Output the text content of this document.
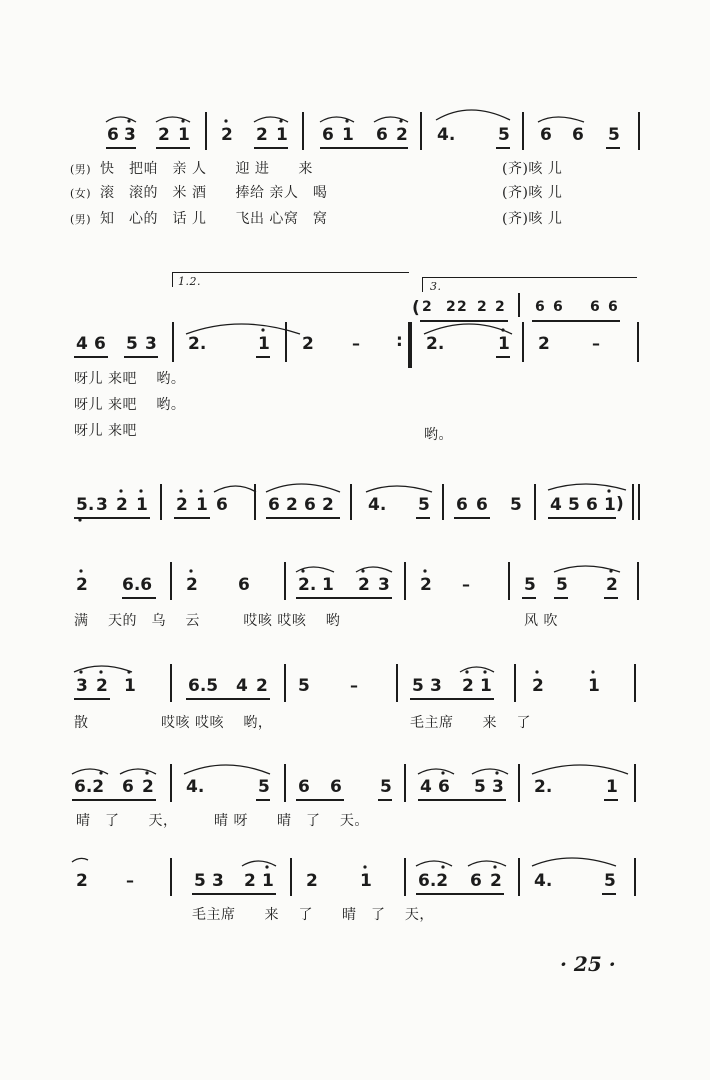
6 3 2 1 2 2 1 6 1 6 2 4.	5 6 6 5
(男) 快　把咱　亲 人　　迎 进　　来	(齐)咳 儿
(女) 滚　滚的　米 酒　　捧给 亲人　喝	(齐)咳 儿
(男) 知　心的　话 儿　　飞出 心窝　窝	(齐)咳 儿
1.2.	3.
( 2 2 2 2 2 6 6 6 6
4 6 5 3 2.	1 2 – : 2.	1 2	–
呀儿 来吧　 哟。
呀儿 来吧　 哟。
呀儿 来吧	哟。
5. 3 2 1 2 1 6 6 2 6 2 4. 5 6 6 5 4 5 6 1 )
2 6.6 2 6	2. 1 2 3 2 –	5 5 2
满　 天的　乌　 云　　　哎咳 哎咳 　哟	风 吹
3 2 1	6.5 4 2 5	–	5 3 2 1 2	1
散　　　　　哎咳 哎咳　 哟，	毛主席　　来　 了
6.2 6 2 4.	5 6 6 5 4 6 5 3 2.	1
晴　了　　天，　　　晴 呀　　晴　了　 天。
2 –	5 3 2 1 2 1	6.2 6 2 4.	5
毛主席　　来　 了　　晴　了　 天，
· 25 ·
